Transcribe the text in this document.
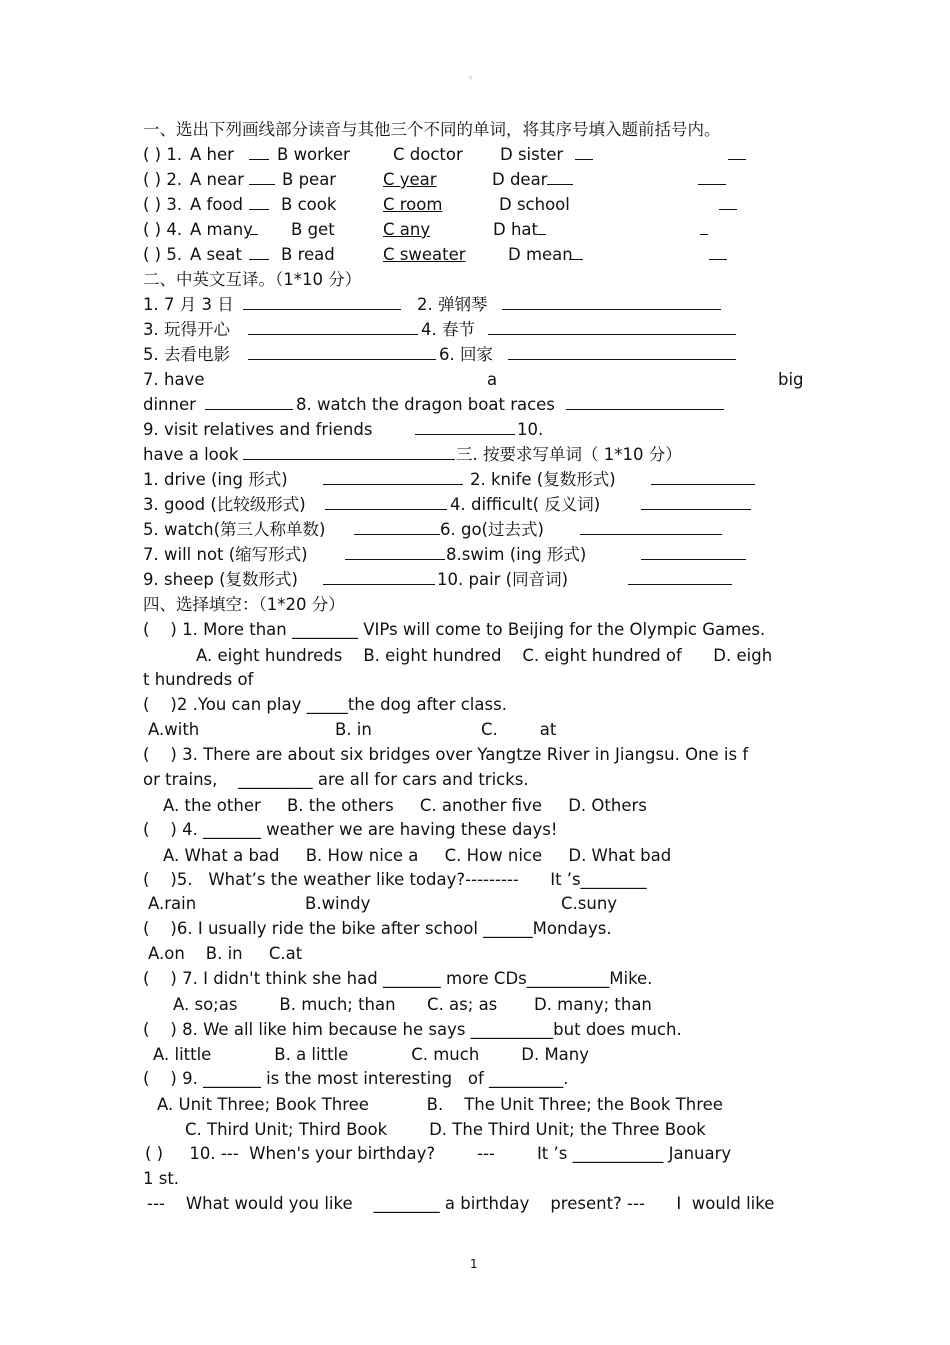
。
一、选出下列画线部分读音与其他三个不同的单词，将其序号填入题前括号内。
( ) 1. A her	B worker	C doctor D sister
( ) 2. A near B pear	C year	D dear
( ) 3. A food B cook	C room	D school
( ) 4. A many B get	C any	D hat
( ) 5. A seat B read	C sweater	D mean
二、中英文互译。（1*10 分）
1. 7 月 3 日	2. 弹钢琴
3. 玩得开心	4. 春节
5. 去看电影	6. 回家
7. have	a	big
dinner	8. watch the dragon boat races
9. visit relatives and friends	10.
have a look	三. 按要求写单词（ 1*10 分）
1. drive (ing 形式)	2. knife (复数形式)
3. good (比较级形式)	4. difficult( 反义词)
5. watch(第三人称单数)	6. go(过去式)
7. will not (缩写形式)	8.swim (ing 形式)
9. sheep (复数形式)	10. pair (同音词)
四、选择填空：（1*20 分）
(    ) 1. More than ________ VIPs will come to Beijing for the Olympic Games.
A. eight hundreds    B. eight hundred    C. eight hundred of      D. eigh
t hundreds of
(    )2 .You can play _____the dog after class.
A.with	B. in	C.        at
(    ) 3. There are about six bridges over Yangtze River in Jiangsu. One is f
or trains,    _________ are all for cars and tricks.
A. the other     B. the others     C. another five     D. Others
(    ) 4. _______ weather we are having these days!
A. What a bad     B. How nice a     C. How nice     D. What bad
(    )5.   What’s the weather like today?---------      It ’s________
A.rain	B.windy	C.suny
(    )6. I usually ride the bike after school ______Mondays.
A.on    B. in     C.at
(    ) 7. I didn't think she had _______ more CDs__________Mike.
A. so;as        B. much; than      C. as; as       D. many; than
(    ) 8. We all like him because he says __________but does much.
A. little            B. a little            C. much        D. Many
(    ) 9. _______ is the most interesting   of _________.
A. Unit Three; Book Three           B.    The Unit Three; the Book Three
C. Third Unit; Third Book        D. The Third Unit; the Three Book
( )     10. ---  When's your birthday?        ---        It ’s ___________ January
1 st.
---    What would you like    ________ a birthday    present? ---      I  would like
1
